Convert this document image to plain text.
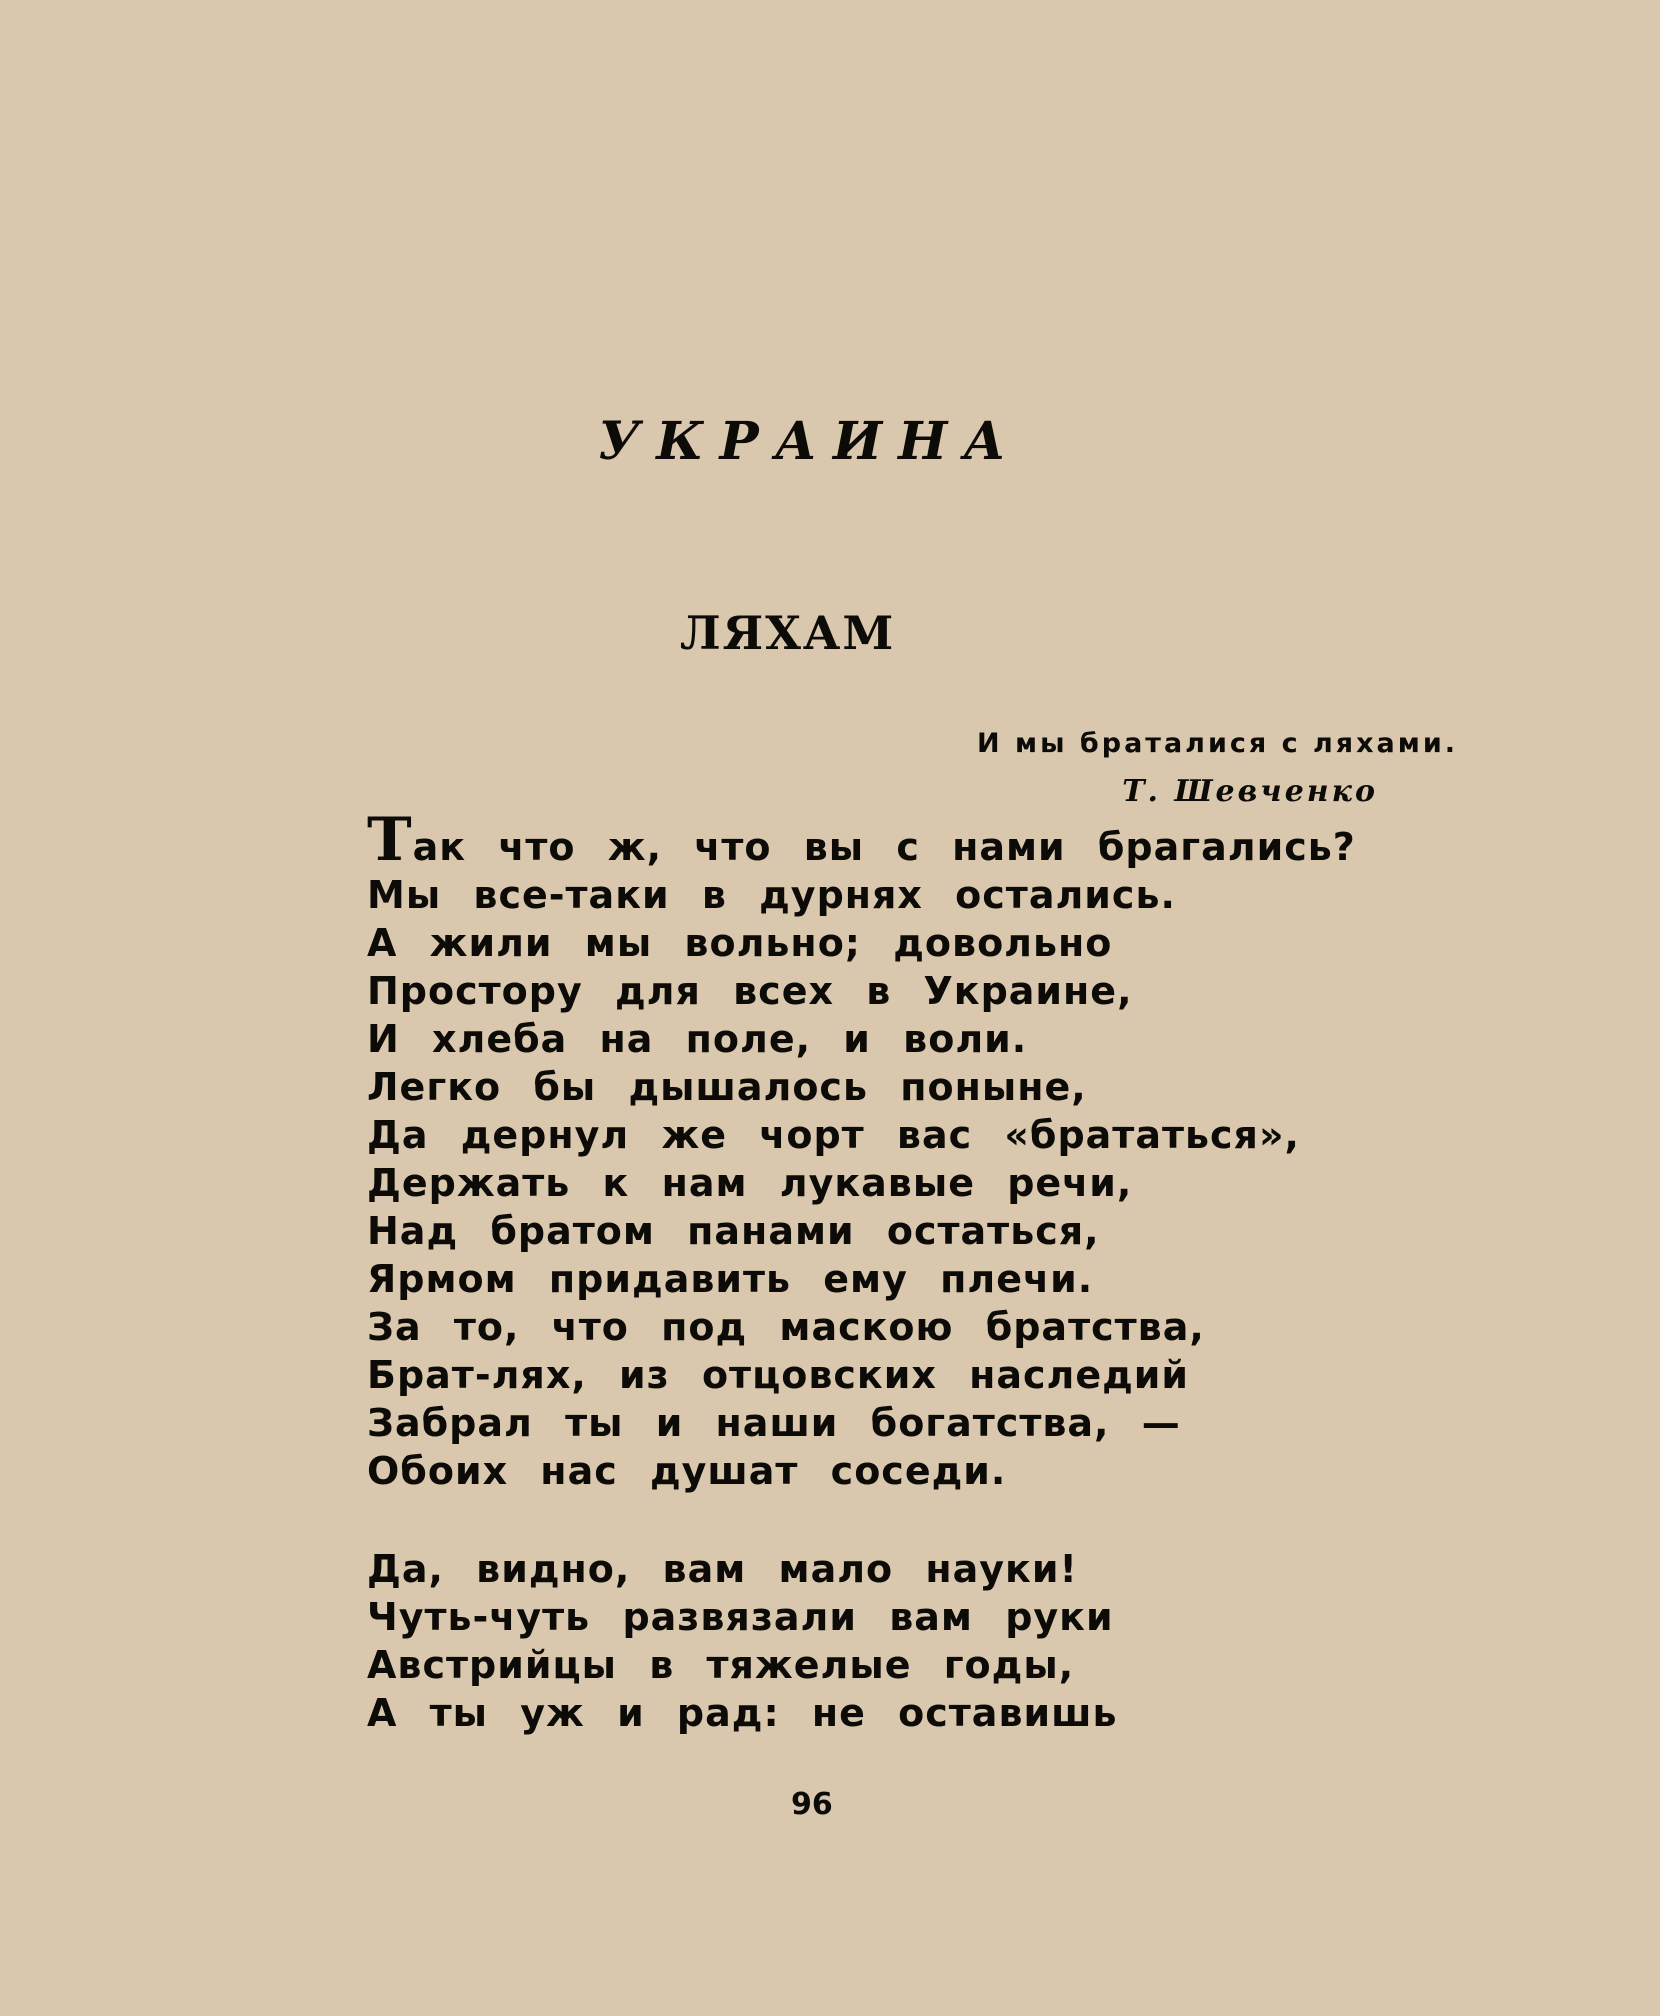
УКРАИНА
ЛЯХАМ
И мы браталися с ляхами.
Т. Шевченко
Так что ж, что вы с нами брагались?
Мы все-таки в дурнях остались.
А жили мы вольно; довольно
Простору для всех в Украине,
И хлеба на поле, и воли.
Легко бы дышалось поныне,
Да дернул же чорт вас «брататься»,
Держать к нам лукавые речи,
Над братом панами остаться,
Ярмом придавить ему плечи.
За то, что под маскою братства,
Брат-лях, из отцовских наследий
Забрал ты и наши богатства, —
Обоих нас душат соседи.
Да, видно, вам мало науки!
Чуть-чуть развязали вам руки
Австрийцы в тяжелые годы,
А ты уж и рад: не оставишь
96
